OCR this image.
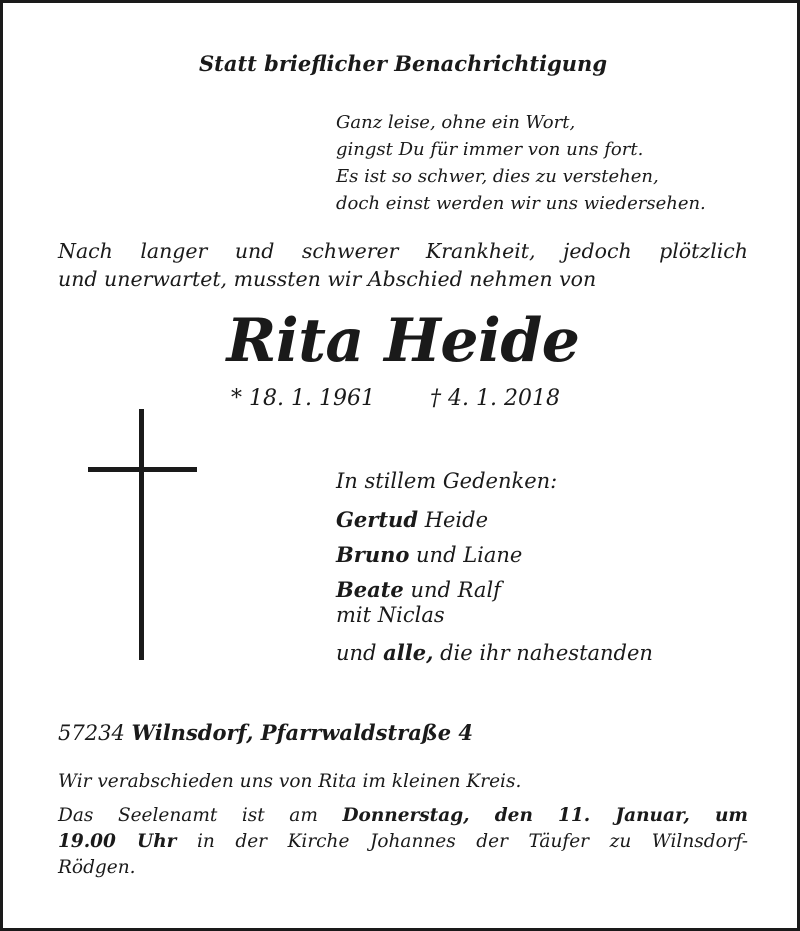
Statt brieflicher Benachrichtigung
Ganz leise, ohne ein Wort,
gingst Du für immer von uns fort.
Es ist so schwer, dies zu verstehen,
doch einst werden wir uns wiedersehen.
Nach langer und schwerer Krankheit, jedoch plötzlich
und unerwartet, mussten wir Abschied nehmen von
Rita Heide
* 18. 1. 1961	† 4. 1. 2018
In stillem Gedenken:
Gertud Heide
Bruno und Liane
Beate und Ralf
mit Niclas
und alle, die ihr nahestanden
57234 Wilnsdorf, Pfarrwaldstraße 4
Wir verabschieden uns von Rita im kleinen Kreis.
Das Seelenamt ist am Donnerstag, den 11. Januar, um
19.00 Uhr in der Kirche Johannes der Täufer zu Wilnsdorf-
Rödgen.
